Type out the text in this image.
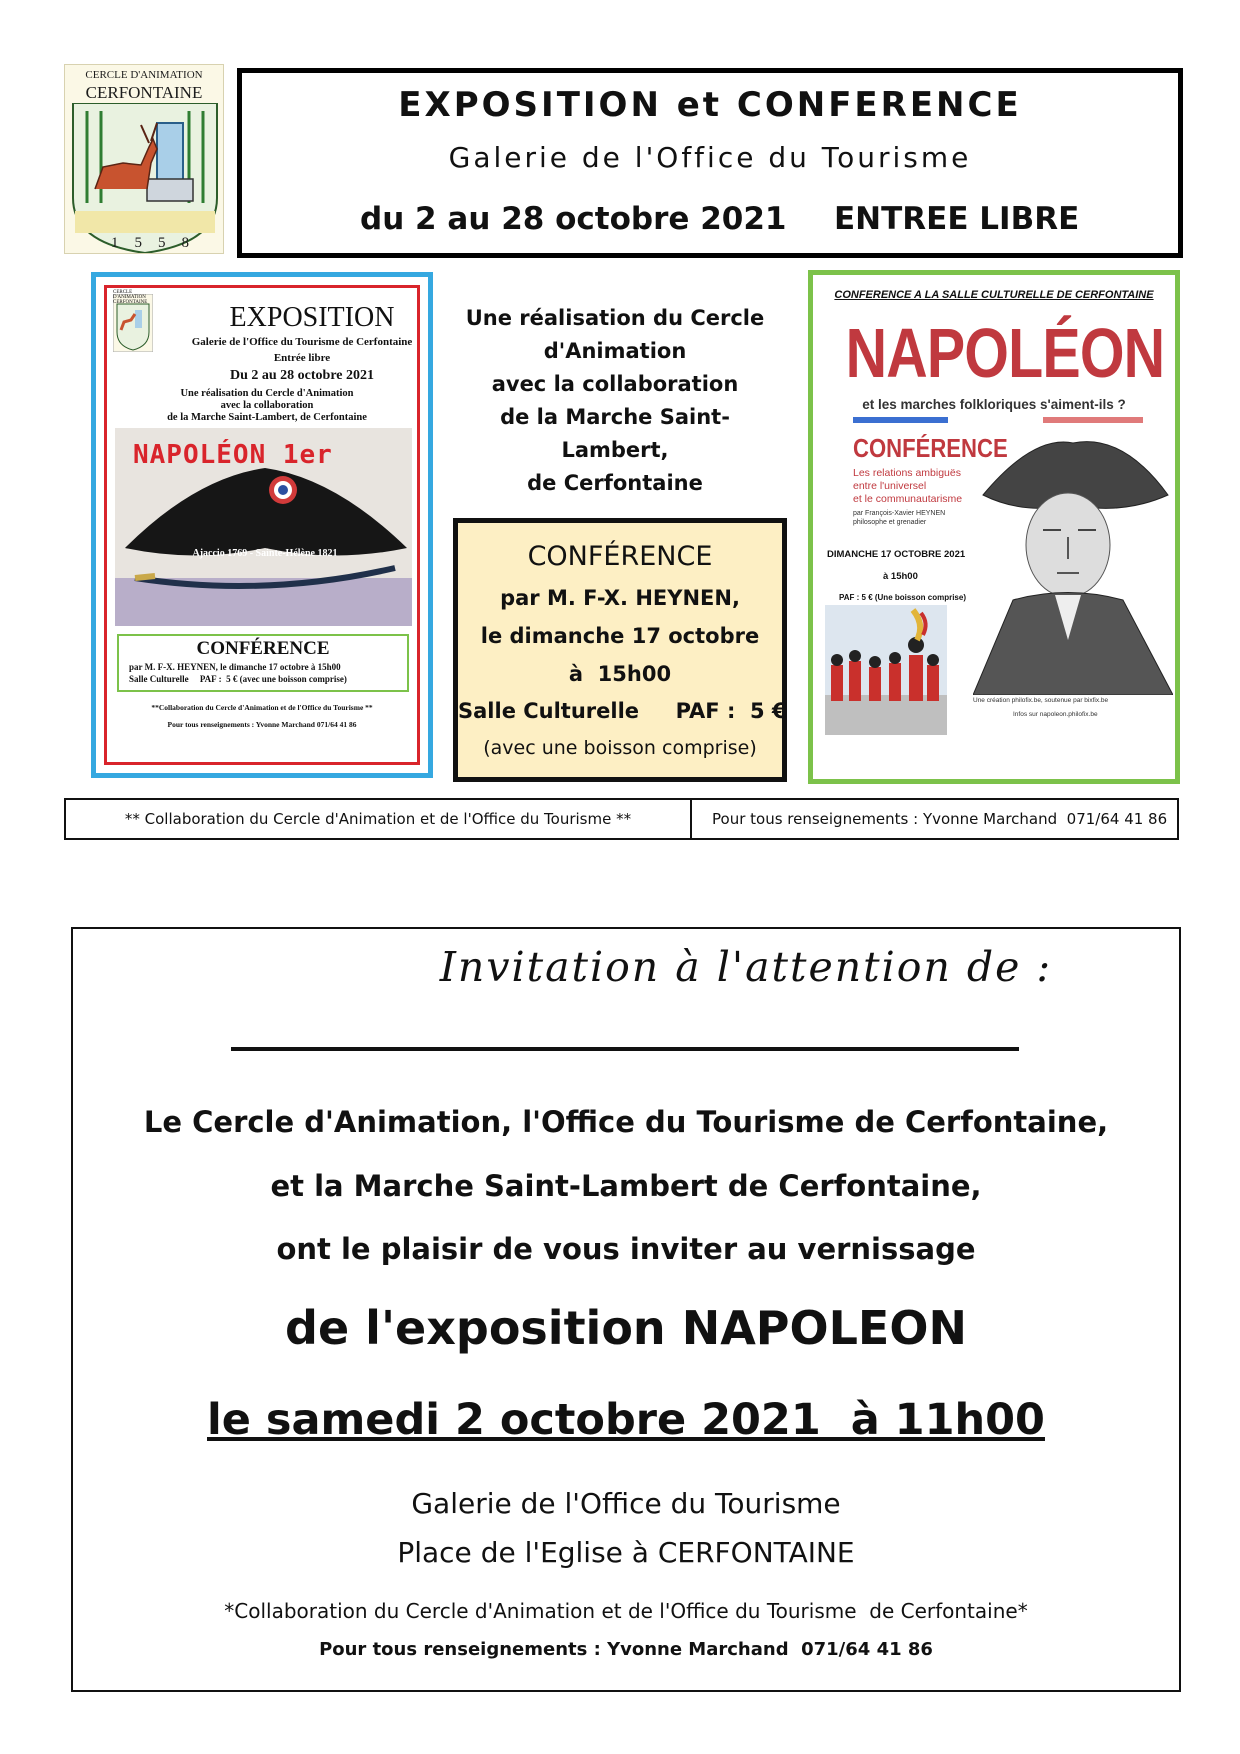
CERCLE D'ANIMATION
CERFONTAINE
1558
EXPOSITION et CONFERENCE
Galerie de l'Office du Tourisme
du 2 au 28 octobre 2021 ENTREE LIBRE
CERCLE D'ANIMATION CERFONTAINE	EXPOSITION
Galerie de l'Office du Tourisme de Cerfontaine
Entrée libre
Du 2 au 28 octobre 2021
Une réalisation du Cercle d'Animation
avec la collaboration
de la Marche Saint-Lambert, de Cerfontaine
NAPOLÉON 1er
Ajaccio 1769 - Sainte-Hélène 1821
CONFÉRENCE
par M. F-X. HEYNEN, le dimanche 17 octobre à 15h00
Salle Culturelle     PAF :  5 € (avec une boisson comprise)
**Collaboration du Cercle d'Animation et de l'Office du Tourisme **
Pour tous renseignements : Yvonne Marchand 071/64 41 86
Une réalisation du Cercle
d'Animation
avec la collaboration
de la Marche Saint-Lambert,
de Cerfontaine
CONFÉRENCE
par M. F-X. HEYNEN,
le dimanche 17 octobre
à  15h00
Salle Culturelle     PAF :  5 €
(avec une boisson comprise)
CONFERENCE A LA SALLE CULTURELLE DE CERFONTAINE
NAPOLÉON
et les marches folkloriques s'aiment-ils ?
CONFÉRENCE
Les relations ambiguës
entre l'universel
et le communautarisme
par François-Xavier HEYNEN
philosophe et grenadier
DIMANCHE 17 OCTOBRE 2021
à 15h00
PAF : 5 € (Une boisson comprise)
Une création philofix.be, soutenue par bixfix.be
Infos sur napoleon.philofix.be
** Collaboration du Cercle d'Animation et de l'Office du Tourisme **	Pour tous renseignements : Yvonne Marchand  071/64 41 86
Invitation à l'attention de :
Le Cercle d'Animation, l'Office du Tourisme de Cerfontaine,
et la Marche Saint-Lambert de Cerfontaine,
ont le plaisir de vous inviter au vernissage
de l'exposition NAPOLEON
le samedi 2 octobre 2021  à 11h00
Galerie de l'Office du Tourisme
Place de l'Eglise à CERFONTAINE
*Collaboration du Cercle d'Animation et de l'Office du Tourisme  de Cerfontaine*
Pour tous renseignements : Yvonne Marchand  071/64 41 86
